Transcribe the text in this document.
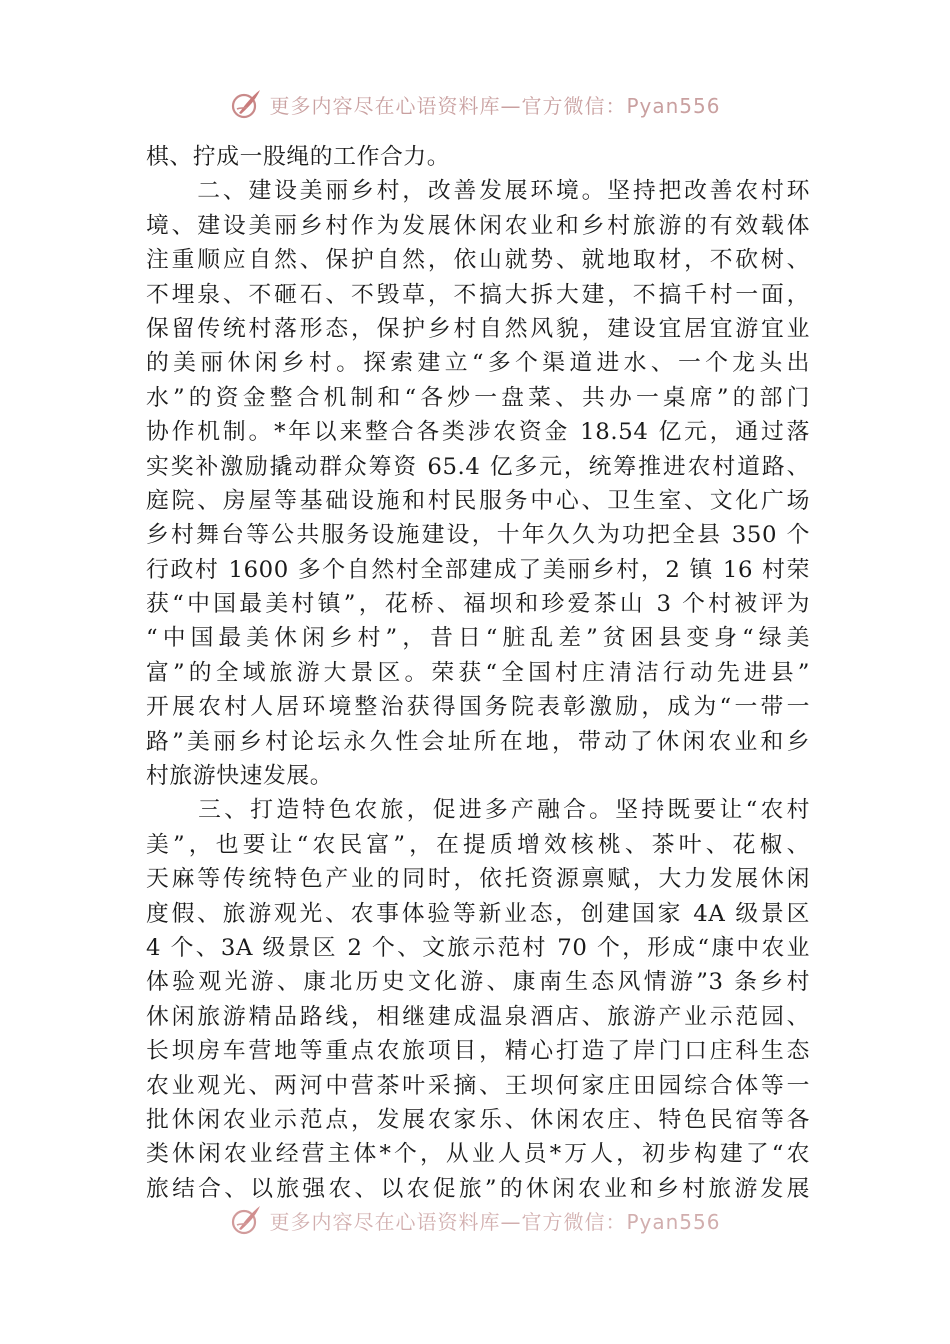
更多内容尽在心语资料库—官方微信：Pyan556
棋、拧成一股绳的工作合力。
　　二、建设美丽乡村，改善发展环境。坚持把改善农村环
境、建设美丽乡村作为发展休闲农业和乡村旅游的有效载体
注重顺应自然、保护自然，依山就势、就地取材，不砍树、
不埋泉、不砸石、不毁草，不搞大拆大建，不搞千村一面，
保留传统村落形态，保护乡村自然风貌，建设宜居宜游宜业
的美丽休闲乡村。探索建立“多个渠道进水、一个龙头出
水”的资金整合机制和“各炒一盘菜、共办一桌席”的部门
协作机制。*年以来整合各类涉农资金 18.54 亿元，通过落
实奖补激励撬动群众筹资 65.4 亿多元，统筹推进农村道路、
庭院、房屋等基础设施和村民服务中心、卫生室、文化广场
乡村舞台等公共服务设施建设，十年久久为功把全县 350 个
行政村 1600 多个自然村全部建成了美丽乡村，2 镇 16 村荣
获“中国最美村镇”，花桥、福坝和珍爱茶山 3 个村被评为
“中国最美休闲乡村”，昔日“脏乱差”贫困县变身“绿美
富”的全域旅游大景区。荣获“全国村庄清洁行动先进县”
开展农村人居环境整治获得国务院表彰激励，成为“一带一
路”美丽乡村论坛永久性会址所在地，带动了休闲农业和乡
村旅游快速发展。
　　三、打造特色农旅，促进多产融合。坚持既要让“农村
美”，也要让“农民富”，在提质增效核桃、茶叶、花椒、
天麻等传统特色产业的同时，依托资源禀赋，大力发展休闲
度假、旅游观光、农事体验等新业态，创建国家 4A 级景区
4 个、3A 级景区 2 个、文旅示范村 70 个，形成“康中农业
体验观光游、康北历史文化游、康南生态风情游”3 条乡村
休闲旅游精品路线，相继建成温泉酒店、旅游产业示范园、
长坝房车营地等重点农旅项目，精心打造了岸门口庄科生态
农业观光、两河中营茶叶采摘、王坝何家庄田园综合体等一
批休闲农业示范点，发展农家乐、休闲农庄、特色民宿等各
类休闲农业经营主体*个，从业人员*万人，初步构建了“农
旅结合、以旅强农、以农促旅”的休闲农业和乡村旅游发展
更多内容尽在心语资料库—官方微信：Pyan556
